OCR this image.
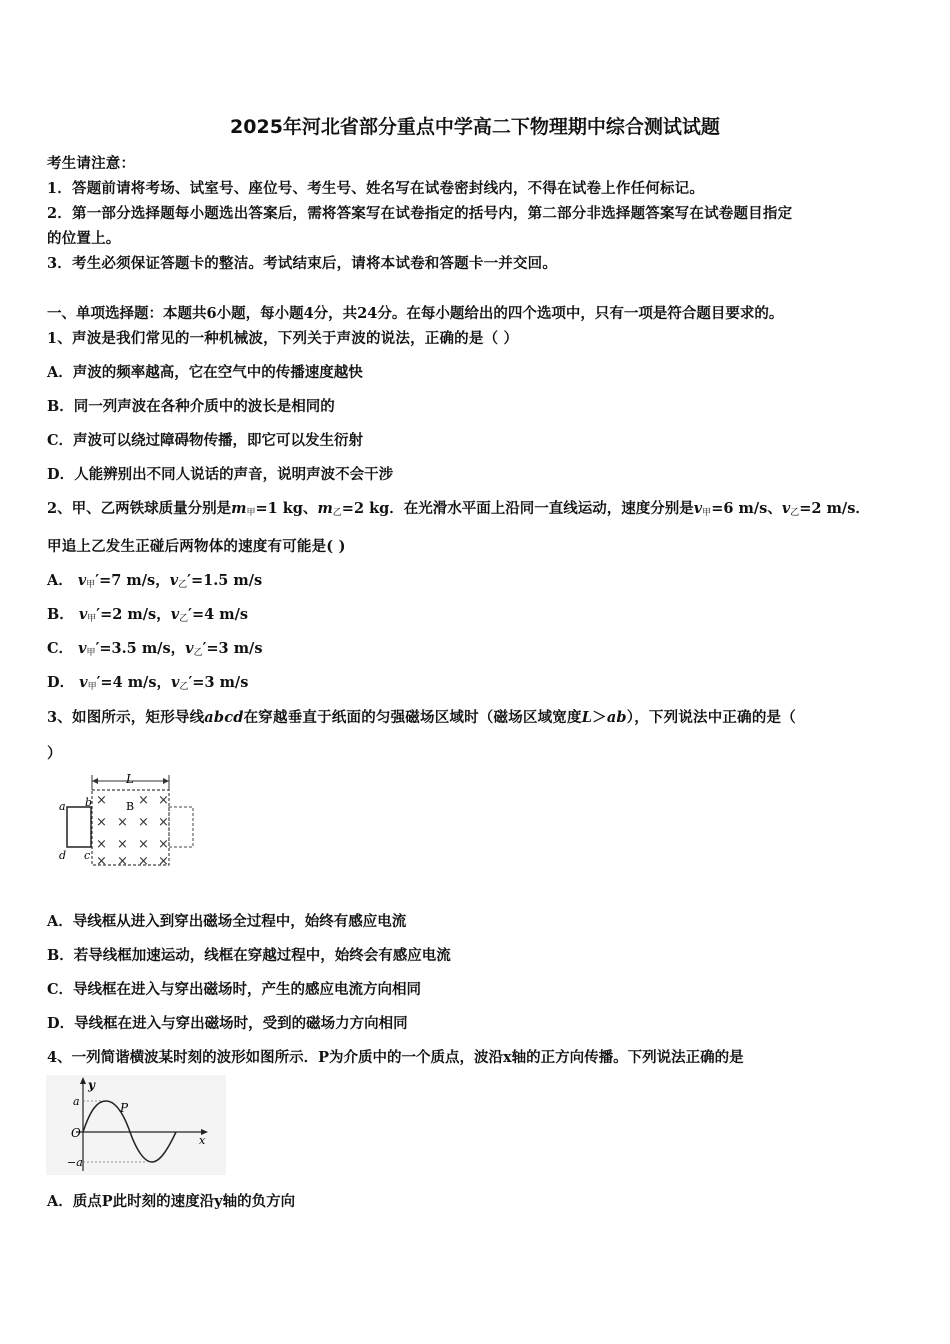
2025年河北省部分重点中学高二下物理期中综合测试试题
考生请注意：
1．答题前请将考场、试室号、座位号、考生号、姓名写在试卷密封线内，不得在试卷上作任何标记。
2．第一部分选择题每小题选出答案后，需将答案写在试卷指定的括号内，第二部分非选择题答案写在试卷题目指定
的位置上。
3．考生必须保证答题卡的整洁。考试结束后，请将本试卷和答题卡一并交回。
一、单项选择题：本题共6小题，每小题4分，共24分。在每小题给出的四个选项中，只有一项是符合题目要求的。
1、声波是我们常见的一种机械波，下列关于声波的说法，正确的是（ ）
A．声波的频率越高，它在空气中的传播速度越快
B．同一列声波在各种介质中的波长是相同的
C．声波可以绕过障碍物传播，即它可以发生衍射
D．人能辨别出不同人说话的声音，说明声波不会干涉
2、甲、乙两铁球质量分别是$m_甲=1$ kg、$m_乙=2$ kg．在光滑水平面上沿同一直线运动，速度分别是$v_甲=6$ m/s、$v_乙=2$ m/s．
甲追上乙发生正碰后两物体的速度有可能是( )
A． $v_甲'=7$ m/s，$v_乙'=1.5$ m/s
B． $v_甲'=2$ m/s，$v_乙'=4$ m/s
C． $v_甲'=3.5$ m/s，$v_乙'=3$ m/s
D． $v_甲'=4$ m/s，$v_乙'=3$ m/s
3、如图所示，矩形导线abcd在穿越垂直于纸面的匀强磁场区域时（磁场区域宽度L＞ab），下列说法中正确的是（
）
L
a b
c
d
B
× × ×
× × × ×
× × × ×
× × × ×
A．导线框从进入到穿出磁场全过程中，始终有感应电流
B．若导线框加速运动，线框在穿越过程中，始终会有感应电流
C．导线框在进入与穿出磁场时，产生的感应电流方向相同
D．导线框在进入与穿出磁场时，受到的磁场力方向相同
4、一列简谐横波某时刻的波形如图所示．P为介质中的一个质点，波沿x轴的正方向传播。下列说法正确的是
y
a
−a
O
x
P
A．质点P此时刻的速度沿y轴的负方向
